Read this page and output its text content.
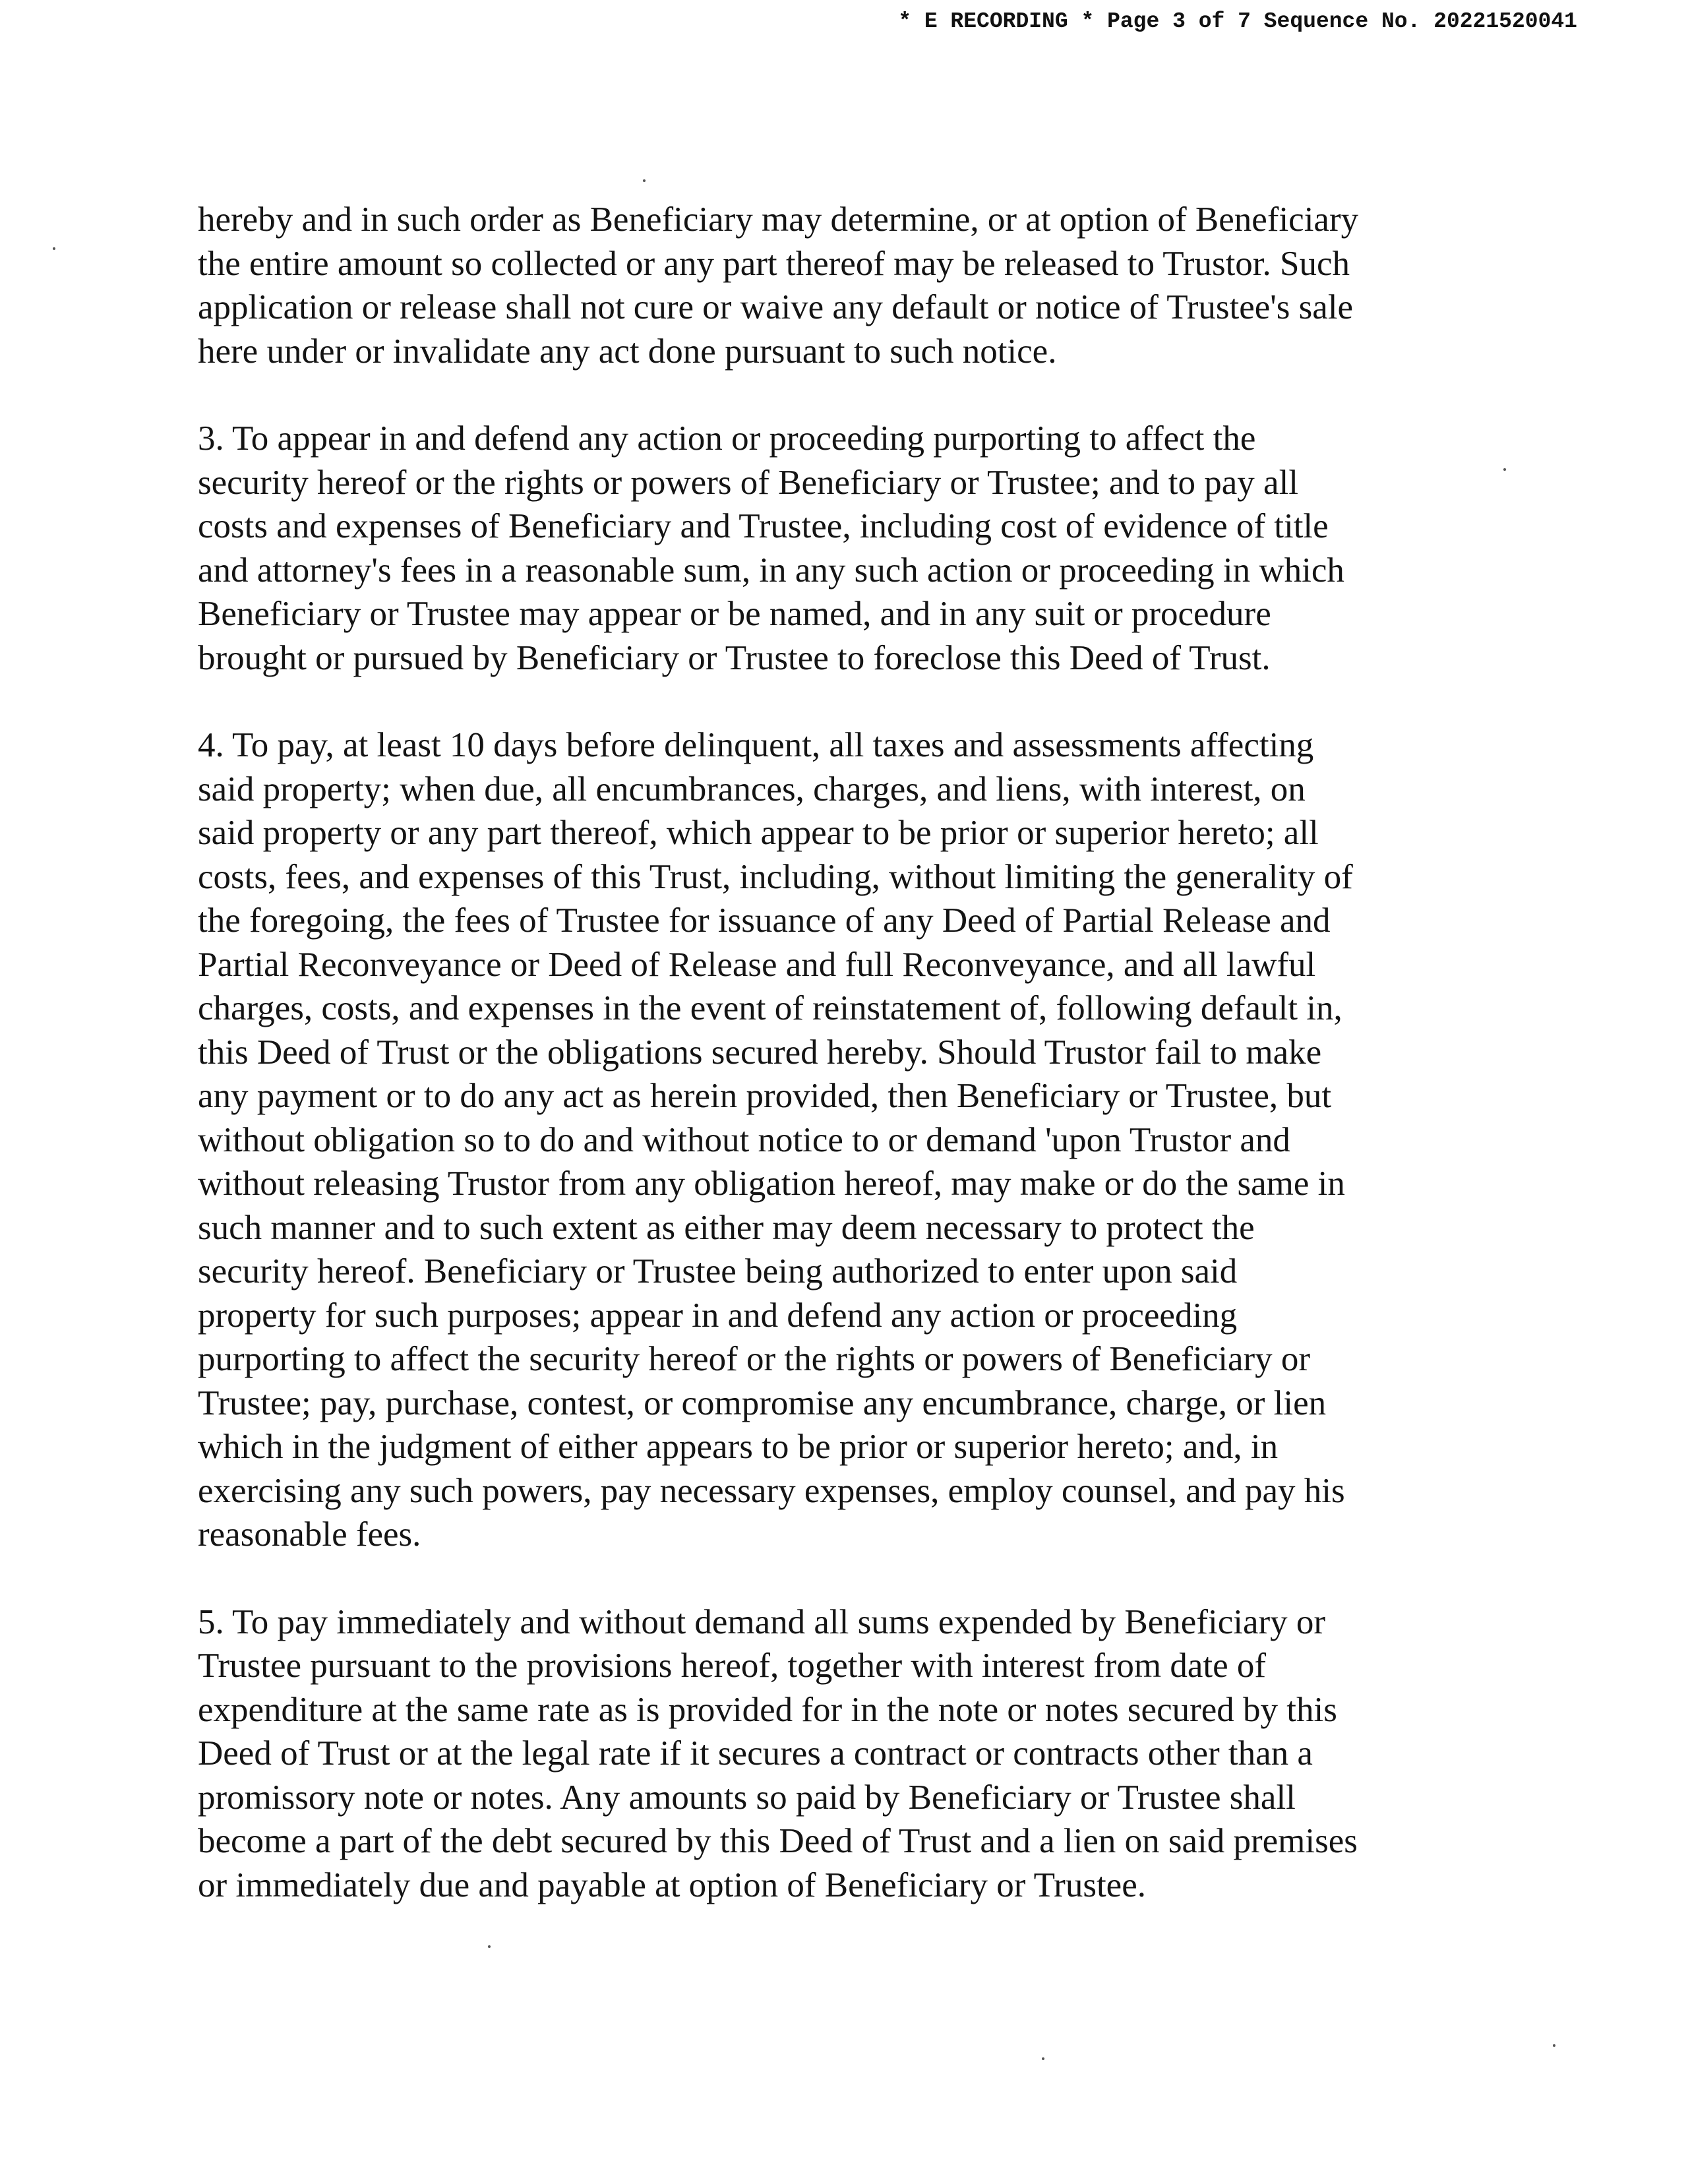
* E RECORDING * Page 3 of 7 Sequence No. 20221520041

hereby and in such order as Beneficiary may determine, or at option of Beneficiary
the entire amount so collected or any part thereof may be released to Trustor. Such
application or release shall not cure or waive any default or notice of Trustee's sale
here under or invalidate any act done pursuant to such notice.

3. To appear in and defend any action or proceeding purporting to affect the
security hereof or the rights or powers of Beneficiary or Trustee; and to pay all
costs and expenses of Beneficiary and Trustee, including cost of evidence of title
and attorney's fees in a reasonable sum, in any such action or proceeding in which
Beneficiary or Trustee may appear or be named, and in any suit or procedure
brought or pursued by Beneficiary or Trustee to foreclose this Deed of Trust.

4. To pay, at least 10 days before delinquent, all taxes and assessments affecting
said property; when due, all encumbrances, charges, and liens, with interest, on
said property or any part thereof, which appear to be prior or superior hereto; all
costs, fees, and expenses of this Trust, including, without limiting the generality of
the foregoing, the fees of Trustee for issuance of any Deed of Partial Release and
Partial Reconveyance or Deed of Release and full Reconveyance, and all lawful
charges, costs, and expenses in the event of reinstatement of, following default in,
this Deed of Trust or the obligations secured hereby. Should Trustor fail to make
any payment or to do any act as herein provided, then Beneficiary or Trustee, but
without obligation so to do and without notice to or demand 'upon Trustor and
without releasing Trustor from any obligation hereof, may make or do the same in
such manner and to such extent as either may deem necessary to protect the
security hereof. Beneficiary or Trustee being authorized to enter upon said
property for such purposes; appear in and defend any action or proceeding
purporting to affect the security hereof or the rights or powers of Beneficiary or
Trustee; pay, purchase, contest, or compromise any encumbrance, charge, or lien
which in the judgment of either appears to be prior or superior hereto; and, in
exercising any such powers, pay necessary expenses, employ counsel, and pay his
reasonable fees.

5. To pay immediately and without demand all sums expended by Beneficiary or
Trustee pursuant to the provisions hereof, together with interest from date of
expenditure at the same rate as is provided for in the note or notes secured by this
Deed of Trust or at the legal rate if it secures a contract or contracts other than a
promissory note or notes. Any amounts so paid by Beneficiary or Trustee shall
become a part of the debt secured by this Deed of Trust and a lien on said premises
or immediately due and payable at option of Beneficiary or Trustee.
